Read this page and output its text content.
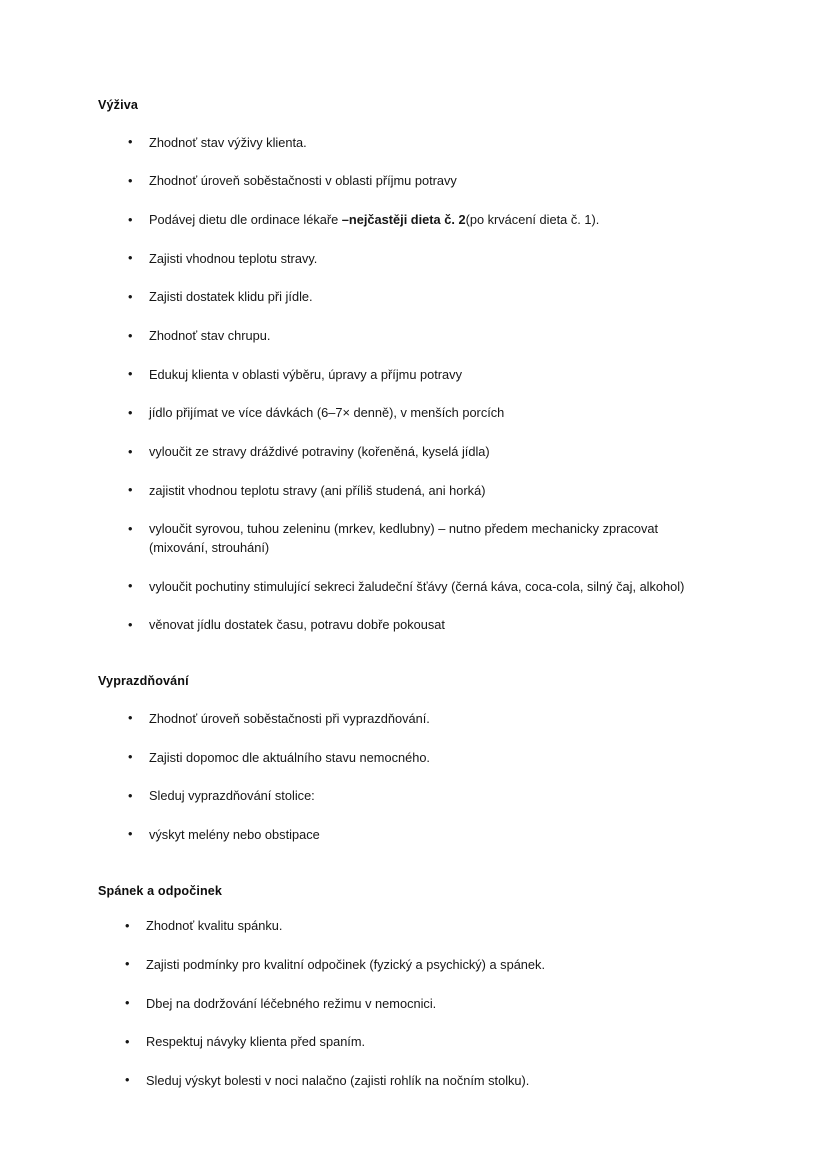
Výživa
• Zhodnoť stav výživy klienta.
• Zhodnoť úroveň soběstačnosti v oblasti příjmu potravy
• Podávej dietu dle ordinace lékaře –nejčastěji dieta č. 2(po krvácení dieta č. 1).
• Zajisti vhodnou teplotu stravy.
• Zajisti dostatek klidu při jídle.
• Zhodnoť stav chrupu.
• Edukuj klienta v oblasti výběru, úpravy a příjmu potravy
• jídlo přijímat ve více dávkách (6–7× denně), v menších porcích
• vyloučit ze stravy dráždivé potraviny (kořeněná, kyselá jídla)
• zajistit vhodnou teplotu stravy (ani příliš studená, ani horká)
• vyloučit syrovou, tuhou zeleninu (mrkev, kedlubny) – nutno předem mechanicky zpracovat (mixování, strouhání)
• vyloučit pochutiny stimulující sekreci žaludeční šťávy (černá káva, coca-cola, silný čaj, alkohol)
• věnovat jídlu dostatek času, potravu dobře pokousat
Vyprazdňování
• Zhodnoť úroveň soběstačnosti při vyprazdňování.
• Zajisti dopomoc dle aktuálního stavu nemocného.
• Sleduj vyprazdňování stolice:
• výskyt melény nebo obstipace
Spánek a odpočinek
• Zhodnoť kvalitu spánku.
• Zajisti podmínky pro kvalitní odpočinek (fyzický a psychický) a spánek.
• Dbej na dodržování léčebného režimu v nemocnici.
• Respektuj návyky klienta před spaním.
• Sleduj výskyt bolesti v noci nalačno (zajisti rohlík na nočním stolku).
